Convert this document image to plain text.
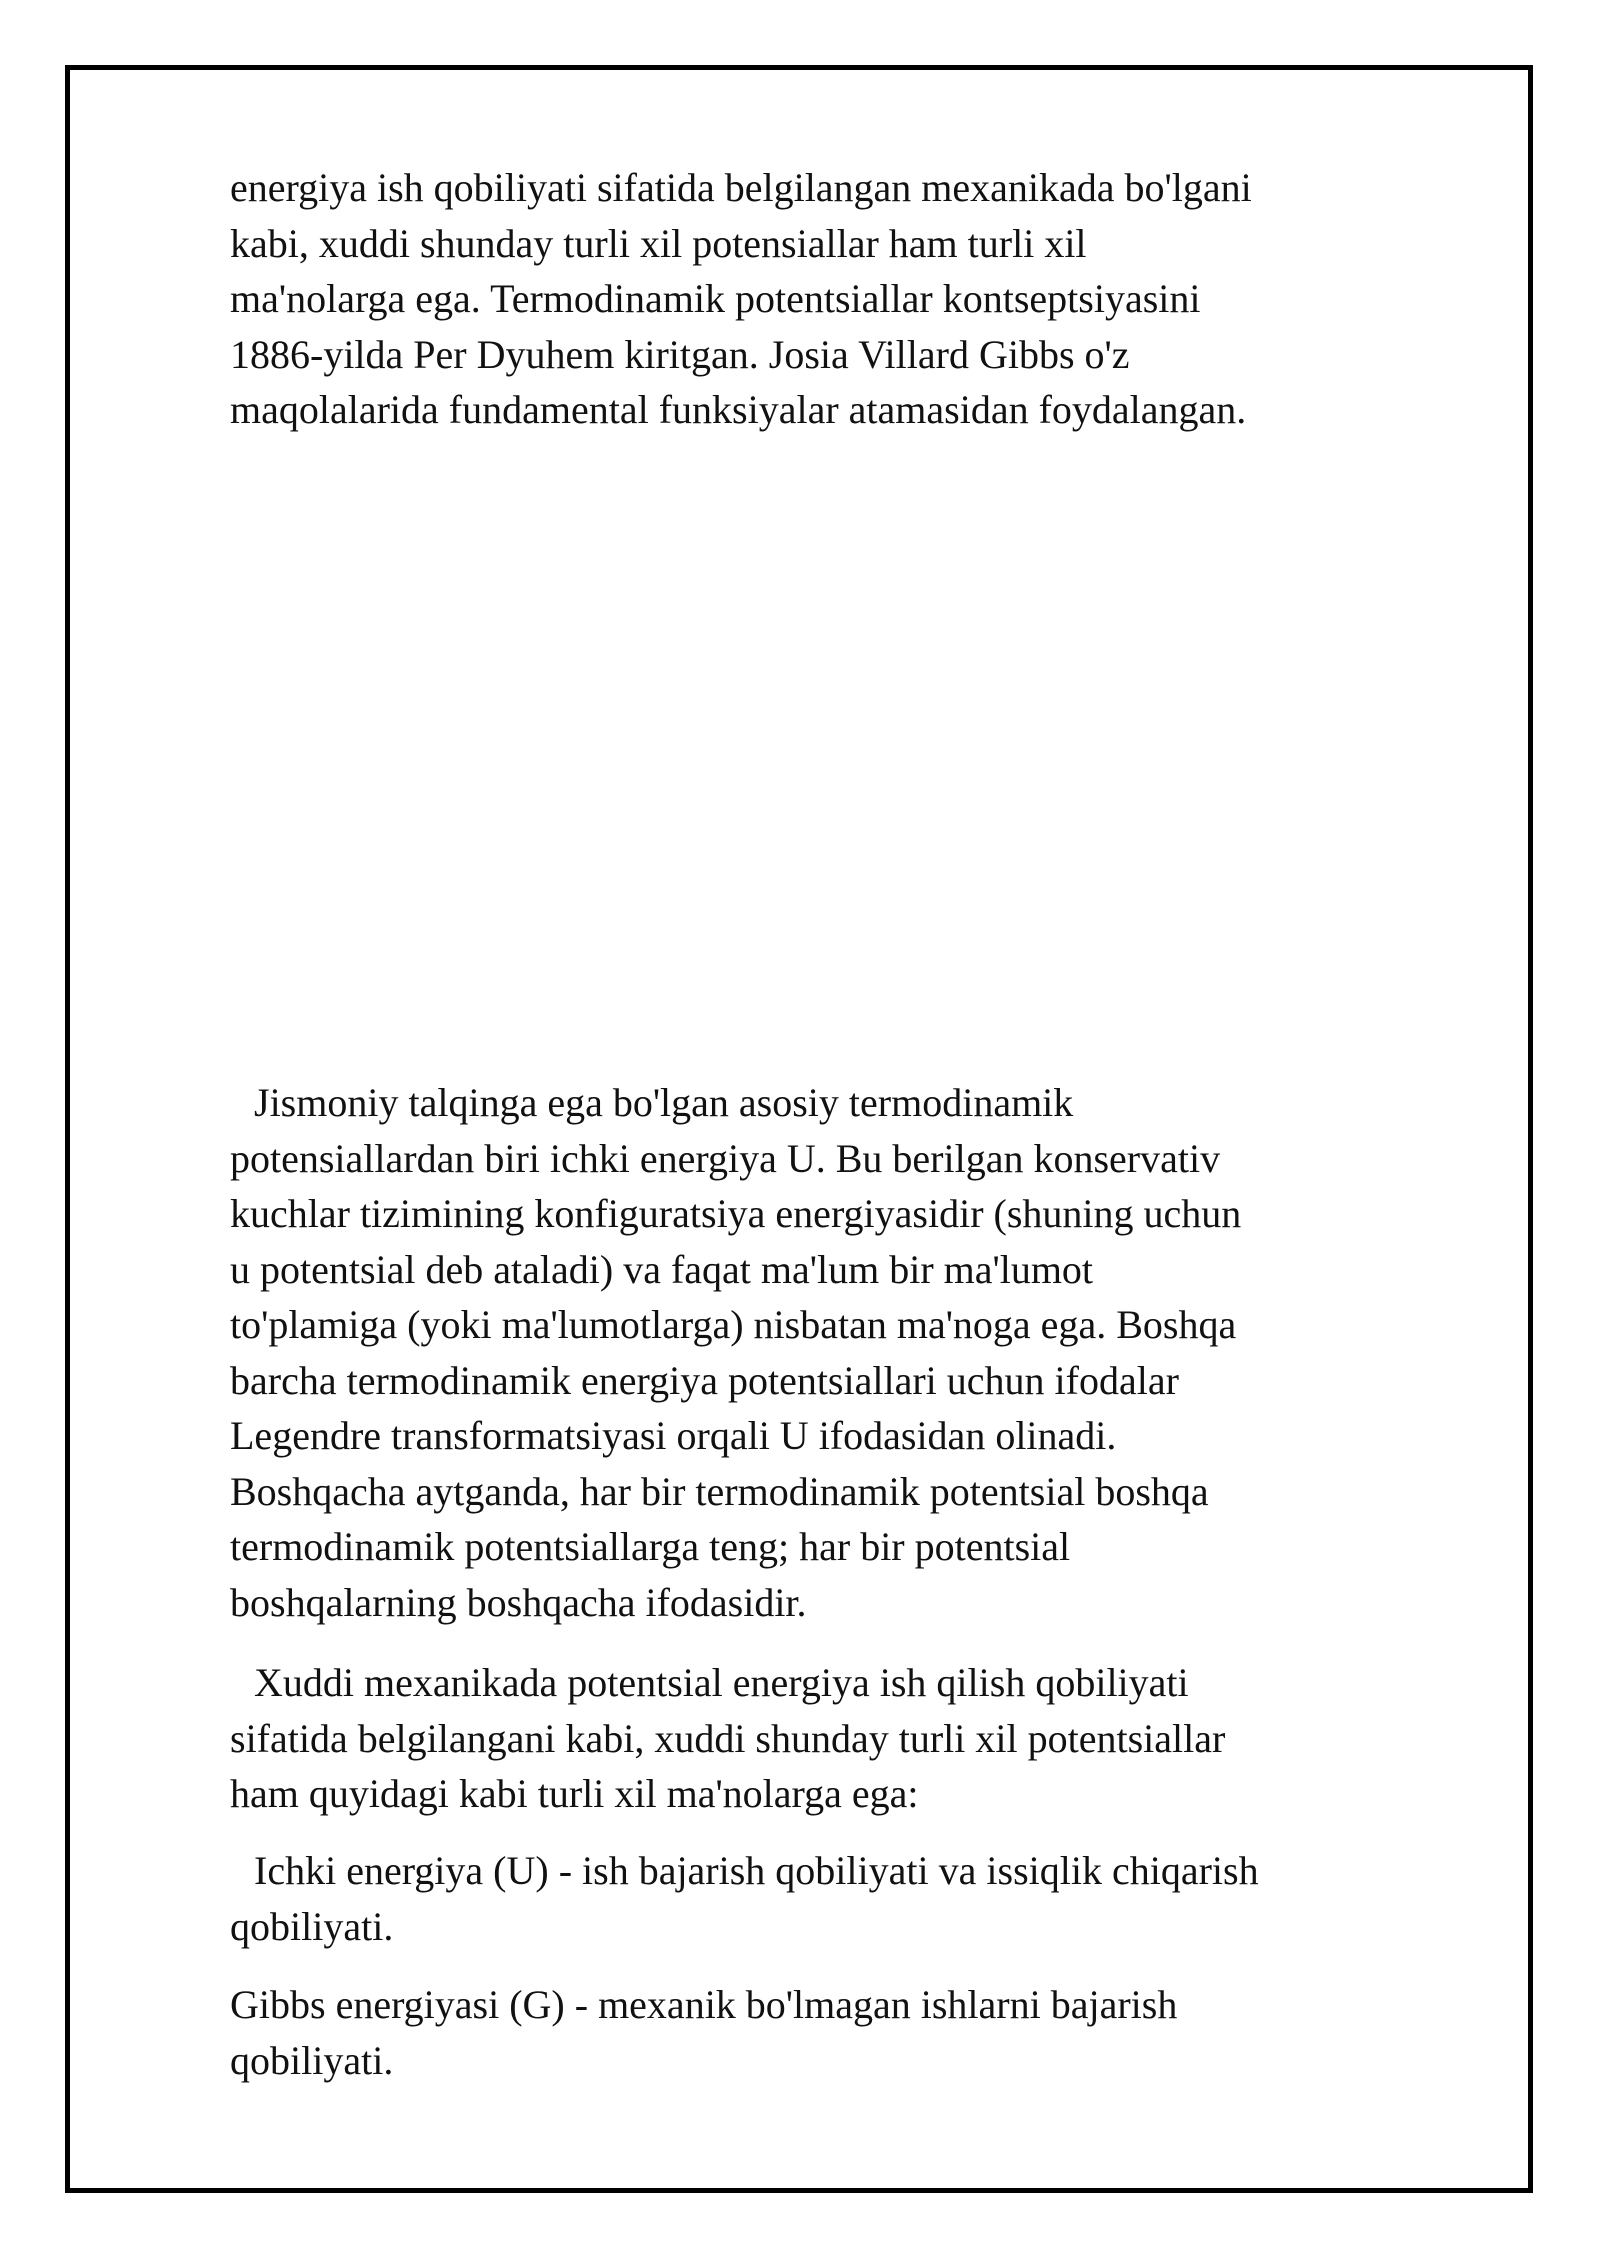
energiya ish qobiliyati sifatida belgilangan mexanikada bo'lgani
kabi, xuddi shunday turli xil potensiallar ham turli xil
ma'nolarga ega. Termodinamik potentsiallar kontseptsiyasini
1886-yilda Per Dyuhem kiritgan. Josia Villard Gibbs o'z
maqolalarida fundamental funksiyalar atamasidan foydalangan.

Jismoniy talqinga ega bo'lgan asosiy termodinamik
potensiallardan biri ichki energiya U. Bu berilgan konservativ
kuchlar tizimining konfiguratsiya energiyasidir (shuning uchun
u potentsial deb ataladi) va faqat ma'lum bir ma'lumot
to'plamiga (yoki ma'lumotlarga) nisbatan ma'noga ega. Boshqa
barcha termodinamik energiya potentsiallari uchun ifodalar
Legendre transformatsiyasi orqali U ifodasidan olinadi.
Boshqacha aytganda, har bir termodinamik potentsial boshqa
termodinamik potentsiallarga teng; har bir potentsial
boshqalarning boshqacha ifodasidir.

Xuddi mexanikada potentsial energiya ish qilish qobiliyati
sifatida belgilangani kabi, xuddi shunday turli xil potentsiallar
ham quyidagi kabi turli xil ma'nolarga ega:

Ichki energiya (U) - ish bajarish qobiliyati va issiqlik chiqarish
qobiliyati.

Gibbs energiyasi (G) - mexanik bo'lmagan ishlarni bajarish
qobiliyati.
